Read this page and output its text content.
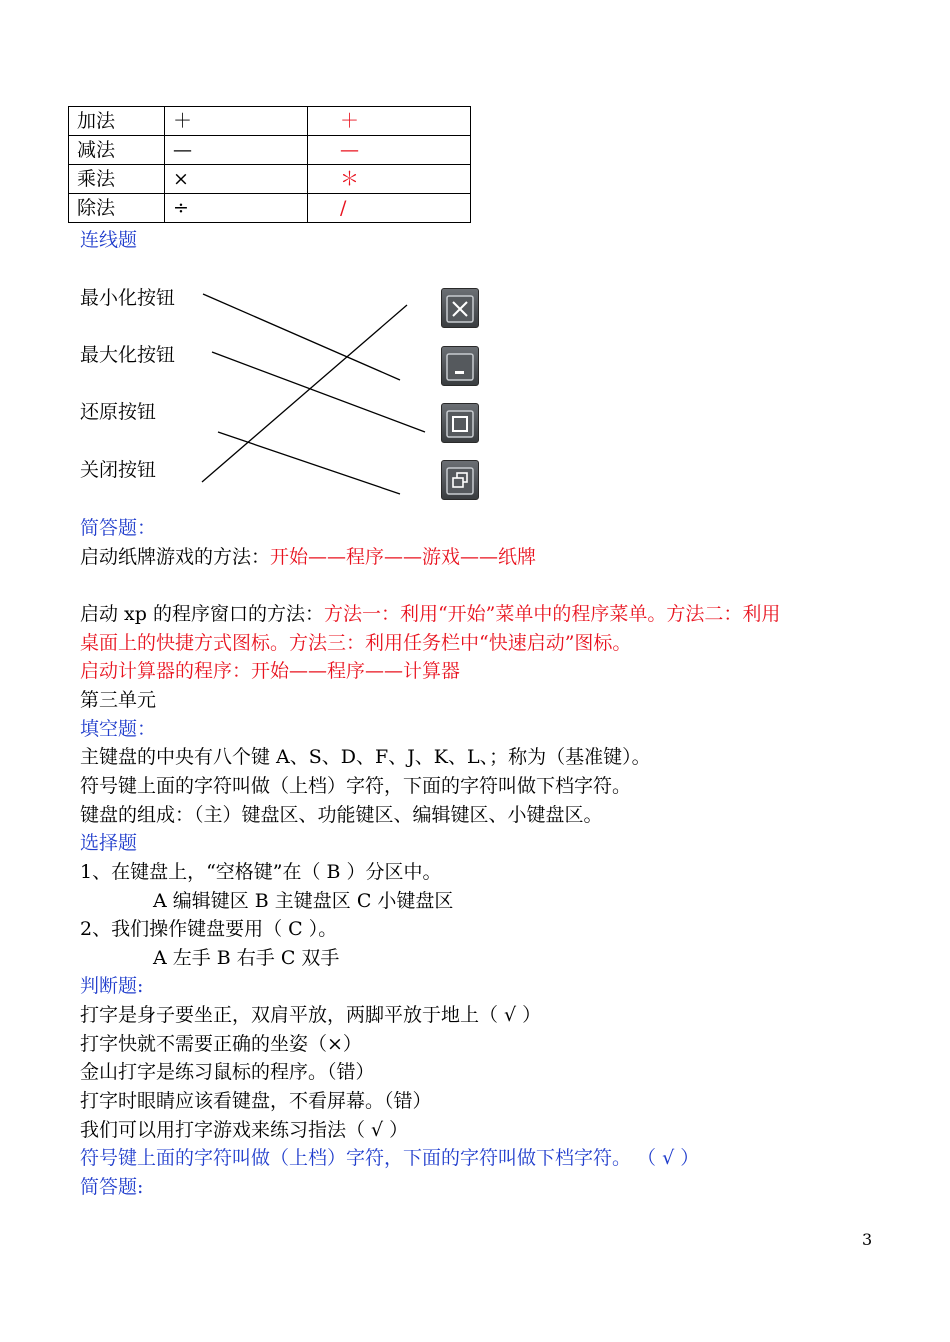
加法	＋	＋
减法	—	—
乘法	×	＊
除法	÷	/
连线题
最小化按钮
最大化按钮
还原按钮
关闭按钮
简答题：
启动纸牌游戏的方法：开始——程序——游戏——纸牌
启动 xp 的程序窗口的方法：方法一：利用“开始”菜单中的程序菜单。方法二：利用
桌面上的快捷方式图标。方法三：利用任务栏中“快速启动”图标。
启动计算器的程序：开始——程序——计算器
第三单元
填空题：
主键盘的中央有八个键 A、S、D、F、J、K、L、；称为（基准键）。
符号键上面的字符叫做（上档）字符，下面的字符叫做下档字符。
键盘的组成：（主）键盘区、功能键区、编辑键区、小键盘区。
选择题
1、在键盘上，“空格键”在（ B ）分区中。
A 编辑键区 B 主键盘区 C 小键盘区
2、我们操作键盘要用（ C ）。
A 左手 B 右手 C 双手
判断题:
打字是身子要坐正，双肩平放，两脚平放于地上（ √ ）
打字快就不需要正确的坐姿（×）
金山打字是练习鼠标的程序。（错）
打字时眼睛应该看键盘，不看屏幕。（错）
我们可以用打字游戏来练习指法（ √ ）
符号键上面的字符叫做（上档）字符，下面的字符叫做下档字符。 （ √ ）
简答题:
3
